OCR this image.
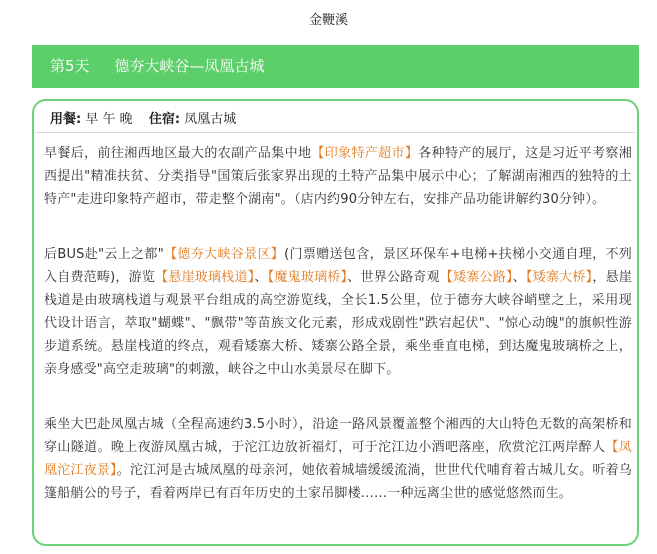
金鞭溪
第5天 德夯大峡谷—凤凰古城
用餐: 早 午 晚 住宿: 凤凰古城
早餐后，前往湘西地区最大的农副产品集中地【印象特产超市】各种特产的展厅，这是习近平考察湘西提出"精准扶贫、分类指导"国策后张家界出现的土特产品集中展示中心；了解湖南湘西的独特的土特产"走进印象特产超市，带走整个湖南"。（店内约90分钟左右，安排产品功能讲解约30分钟）。
后BUS赴"云上之都"【德夯大峡谷景区】(门票赠送包含，景区环保车+电梯+扶梯小交通自理，不列入自费范畴)，游览【悬崖玻璃栈道】、【魔鬼玻璃桥】、世界公路奇观【矮寨公路】、【矮寨大桥】，悬崖栈道是由玻璃栈道与观景平台组成的高空游览线，全长1.5公里，位于德夯大峡谷峭壁之上，采用现代设计语言，萃取"蝴蝶"、"飘带"等苗族文化元素，形成戏剧性"跌宕起伏"、"惊心动魄"的旗帜性游步道系统。悬崖栈道的终点，观看矮寨大桥、矮寨公路全景，乘坐垂直电梯，到达魔鬼玻璃桥之上，亲身感受"高空走玻璃"的刺激，峡谷之中山水美景尽在脚下。
乘坐大巴赴凤凰古城（全程高速约3.5小时），沿途一路风景覆盖整个湘西的大山特色无数的高架桥和穿山隧道。晚上夜游凤凰古城，于沱江边放祈福灯，可于沱江边小酒吧落座，欣赏沱江两岸醉人【凤凰沱江夜景】。沱江河是古城凤凰的母亲河，她依着城墙缓缓流淌，世世代代哺育着古城儿女。听着乌篷船艄公的号子，看着两岸已有百年历史的土家吊脚楼……一种远离尘世的感觉悠然而生。
